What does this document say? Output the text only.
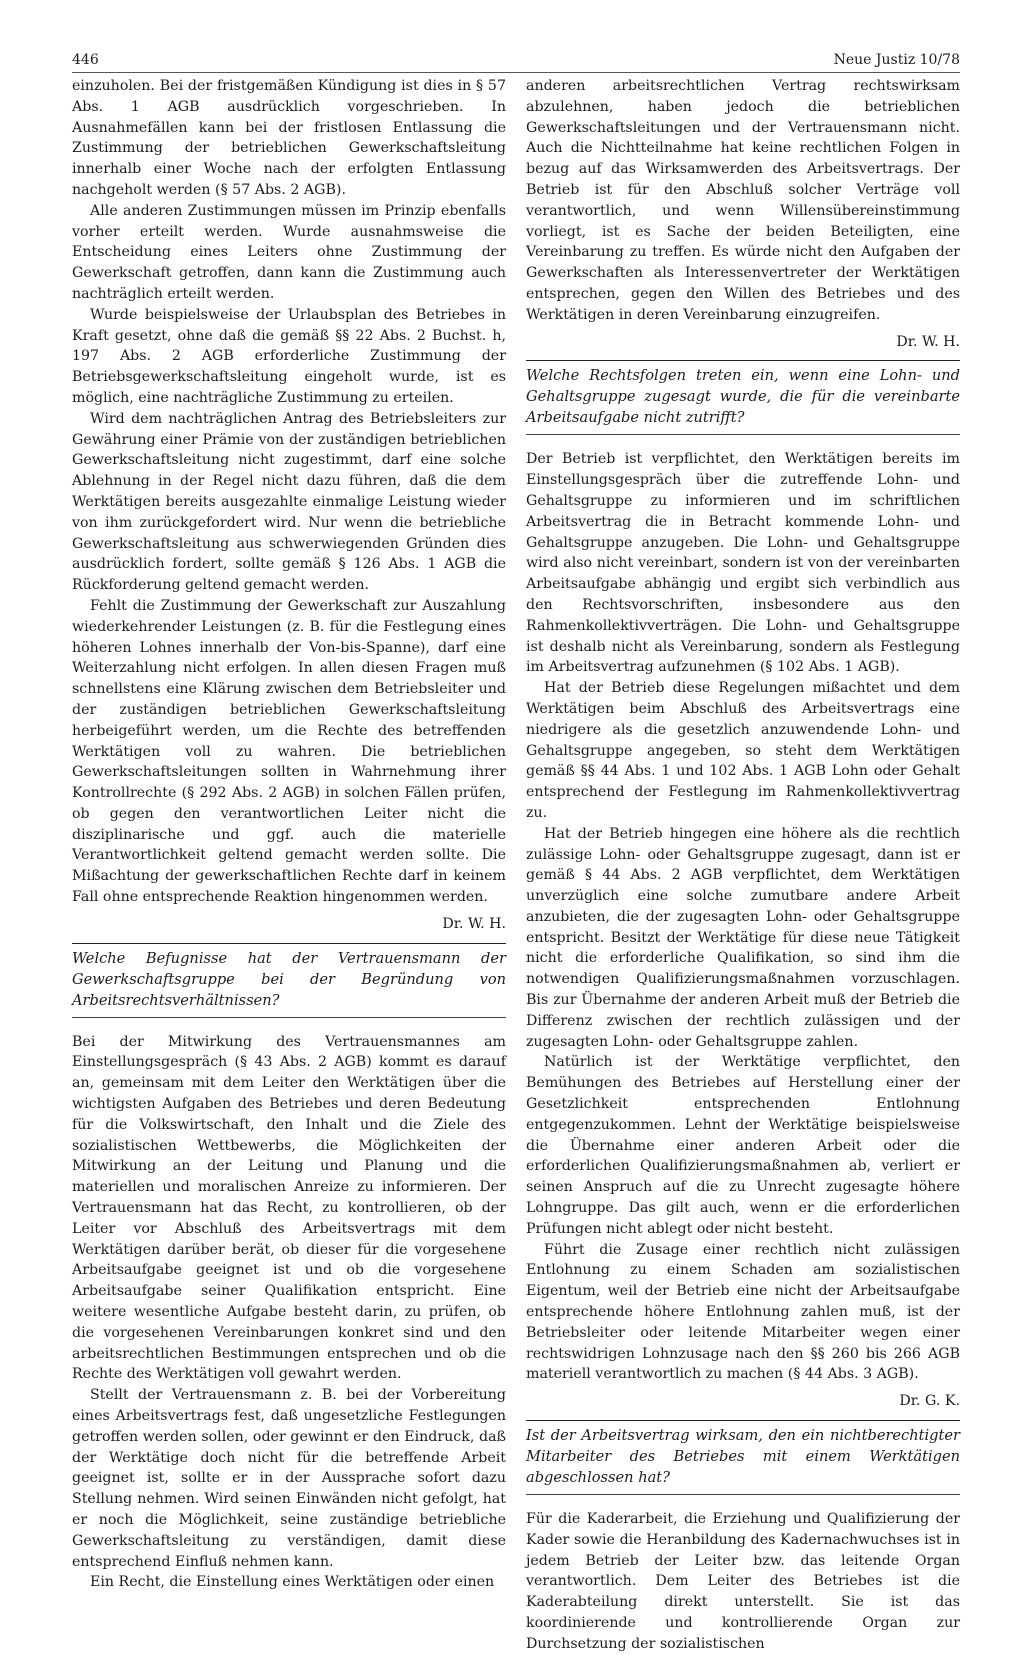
446	Neue Justiz 10/78

einzuholen. Bei der fristgemäßen Kündigung ist dies in § 57 Abs. 1 AGB ausdrücklich vorgeschrieben. In Ausnahmefällen kann bei der fristlosen Entlassung die Zustimmung der betrieblichen Gewerkschaftsleitung innerhalb einer Woche nach der erfolgten Entlassung nachgeholt werden (§ 57 Abs. 2 AGB).

Alle anderen Zustimmungen müssen im Prinzip ebenfalls vorher erteilt werden. Wurde ausnahmsweise die Entscheidung eines Leiters ohne Zustimmung der Gewerkschaft getroffen, dann kann die Zustimmung auch nachträglich erteilt werden.

Wurde beispielsweise der Urlaubsplan des Betriebes in Kraft gesetzt, ohne daß die gemäß §§ 22 Abs. 2 Buchst. h, 197 Abs. 2 AGB erforderliche Zustimmung der Betriebsgewerkschaftsleitung eingeholt wurde, ist es möglich, eine nachträgliche Zustimmung zu erteilen.

Wird dem nachträglichen Antrag des Betriebsleiters zur Gewährung einer Prämie von der zuständigen betrieblichen Gewerkschaftsleitung nicht zugestimmt, darf eine solche Ablehnung in der Regel nicht dazu führen, daß die dem Werktätigen bereits ausgezahlte einmalige Leistung wieder von ihm zurückgefordert wird. Nur wenn die betriebliche Gewerkschaftsleitung aus schwerwiegenden Gründen dies ausdrücklich fordert, sollte gemäß § 126 Abs. 1 AGB die Rückforderung geltend gemacht werden.

Fehlt die Zustimmung der Gewerkschaft zur Auszahlung wiederkehrender Leistungen (z. B. für die Festlegung eines höheren Lohnes innerhalb der Von-bis-Spanne), darf eine Weiterzahlung nicht erfolgen. In allen diesen Fragen muß schnellstens eine Klärung zwischen dem Betriebsleiter und der zuständigen betrieblichen Gewerkschaftsleitung herbeigeführt werden, um die Rechte des betreffenden Werktätigen voll zu wahren. Die betrieblichen Gewerkschaftsleitungen sollten in Wahrnehmung ihrer Kontrollrechte (§ 292 Abs. 2 AGB) in solchen Fällen prüfen, ob gegen den verantwortlichen Leiter nicht die disziplinarische und ggf. auch die materielle Verantwortlichkeit geltend gemacht werden sollte. Die Mißachtung der gewerkschaftlichen Rechte darf in keinem Fall ohne entsprechende Reaktion hingenommen werden.

Dr. W. H.

Welche Befugnisse hat der Vertrauensmann der Gewerkschaftsgruppe bei der Begründung von Arbeitsrechtsverhältnissen?

Bei der Mitwirkung des Vertrauensmannes am Einstellungsgespräch (§ 43 Abs. 2 AGB) kommt es darauf an, gemeinsam mit dem Leiter den Werktätigen über die wichtigsten Aufgaben des Betriebes und deren Bedeutung für die Volkswirtschaft, den Inhalt und die Ziele des sozialistischen Wettbewerbs, die Möglichkeiten der Mitwirkung an der Leitung und Planung und die materiellen und moralischen Anreize zu informieren. Der Vertrauensmann hat das Recht, zu kontrollieren, ob der Leiter vor Abschluß des Arbeitsvertrags mit dem Werktätigen darüber berät, ob dieser für die vorgesehene Arbeitsaufgabe geeignet ist und ob die vorgesehene Arbeitsaufgabe seiner Qualifikation entspricht. Eine weitere wesentliche Aufgabe besteht darin, zu prüfen, ob die vorgesehenen Vereinbarungen konkret sind und den arbeitsrechtlichen Bestimmungen entsprechen und ob die Rechte des Werktätigen voll gewahrt werden.

Stellt der Vertrauensmann z. B. bei der Vorbereitung eines Arbeitsvertrags fest, daß ungesetzliche Festlegungen getroffen werden sollen, oder gewinnt er den Eindruck, daß der Werktätige doch nicht für die betreffende Arbeit geeignet ist, sollte er in der Aussprache sofort dazu Stellung nehmen. Wird seinen Einwänden nicht gefolgt, hat er noch die Möglichkeit, seine zuständige betriebliche Gewerkschaftsleitung zu verständigen, damit diese entsprechend Einfluß nehmen kann.

Ein Recht, die Einstellung eines Werktätigen oder einen

anderen arbeitsrechtlichen Vertrag rechtswirksam abzulehnen, haben jedoch die betrieblichen Gewerkschaftsleitungen und der Vertrauensmann nicht. Auch die Nichtteilnahme hat keine rechtlichen Folgen in bezug auf das Wirksamwerden des Arbeitsvertrags. Der Betrieb ist für den Abschluß solcher Verträge voll verantwortlich, und wenn Willensübereinstimmung vorliegt, ist es Sache der beiden Beteiligten, eine Vereinbarung zu treffen. Es würde nicht den Aufgaben der Gewerkschaften als Interessenvertreter der Werktätigen entsprechen, gegen den Willen des Betriebes und des Werktätigen in deren Vereinbarung einzugreifen.

Dr. W. H.

Welche Rechtsfolgen treten ein, wenn eine Lohn- und Gehaltsgruppe zugesagt wurde, die für die vereinbarte Arbeitsaufgabe nicht zutrifft?

Der Betrieb ist verpflichtet, den Werktätigen bereits im Einstellungsgespräch über die zutreffende Lohn- und Gehaltsgruppe zu informieren und im schriftlichen Arbeitsvertrag die in Betracht kommende Lohn- und Gehaltsgruppe anzugeben. Die Lohn- und Gehaltsgruppe wird also nicht vereinbart, sondern ist von der vereinbarten Arbeitsaufgabe abhängig und ergibt sich verbindlich aus den Rechtsvorschriften, insbesondere aus den Rahmenkollektivverträgen. Die Lohn- und Gehaltsgruppe ist deshalb nicht als Vereinbarung, sondern als Festlegung im Arbeitsvertrag aufzunehmen (§ 102 Abs. 1 AGB).

Hat der Betrieb diese Regelungen mißachtet und dem Werktätigen beim Abschluß des Arbeitsvertrags eine niedrigere als die gesetzlich anzuwendende Lohn- und Gehaltsgruppe angegeben, so steht dem Werktätigen gemäß §§ 44 Abs. 1 und 102 Abs. 1 AGB Lohn oder Gehalt entsprechend der Festlegung im Rahmenkollektivvertrag zu.

Hat der Betrieb hingegen eine höhere als die rechtlich zulässige Lohn- oder Gehaltsgruppe zugesagt, dann ist er gemäß § 44 Abs. 2 AGB verpflichtet, dem Werktätigen unverzüglich eine solche zumutbare andere Arbeit anzubieten, die der zugesagten Lohn- oder Gehaltsgruppe entspricht. Besitzt der Werktätige für diese neue Tätigkeit nicht die erforderliche Qualifikation, so sind ihm die notwendigen Qualifizierungsmaßnahmen vorzuschlagen. Bis zur Übernahme der anderen Arbeit muß der Betrieb die Differenz zwischen der rechtlich zulässigen und der zugesagten Lohn- oder Gehaltsgruppe zahlen.

Natürlich ist der Werktätige verpflichtet, den Bemühungen des Betriebes auf Herstellung einer der Gesetzlichkeit entsprechenden Entlohnung entgegenzukommen. Lehnt der Werktätige beispielsweise die Übernahme einer anderen Arbeit oder die erforderlichen Qualifizierungsmaßnahmen ab, verliert er seinen Anspruch auf die zu Unrecht zugesagte höhere Lohngruppe. Das gilt auch, wenn er die erforderlichen Prüfungen nicht ablegt oder nicht besteht.

Führt die Zusage einer rechtlich nicht zulässigen Entlohnung zu einem Schaden am sozialistischen Eigentum, weil der Betrieb eine nicht der Arbeitsaufgabe entsprechende höhere Entlohnung zahlen muß, ist der Betriebsleiter oder leitende Mitarbeiter wegen einer rechtswidrigen Lohnzusage nach den §§ 260 bis 266 AGB materiell verantwortlich zu machen (§ 44 Abs. 3 AGB).

Dr. G. K.

Ist der Arbeitsvertrag wirksam, den ein nichtberechtigter Mitarbeiter des Betriebes mit einem Werktätigen abgeschlossen hat?

Für die Kaderarbeit, die Erziehung und Qualifizierung der Kader sowie die Heranbildung des Kadernachwuchses ist in jedem Betrieb der Leiter bzw. das leitende Organ verantwortlich. Dem Leiter des Betriebes ist die Kaderabteilung direkt unterstellt. Sie ist das koordinierende und kontrollierende Organ zur Durchsetzung der sozialistischen
